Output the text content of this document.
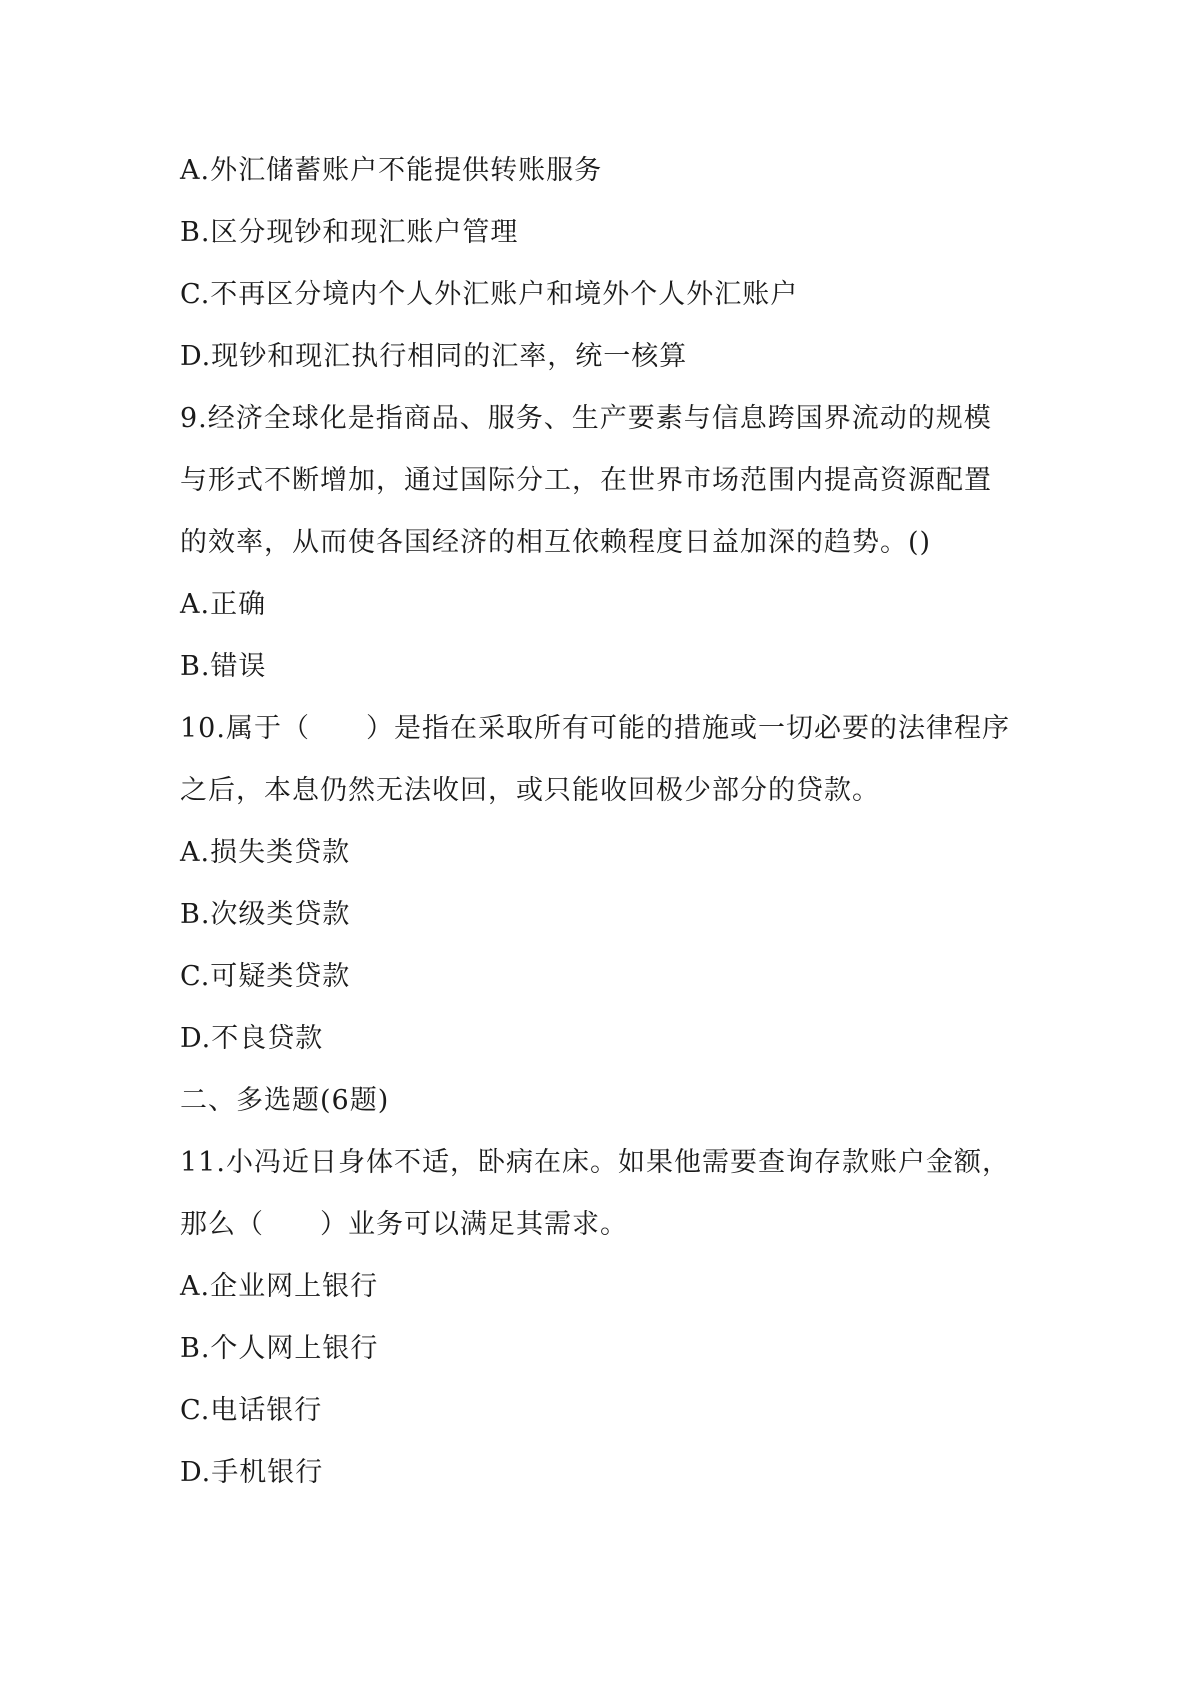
A.外汇储蓄账户不能提供转账服务
B.区分现钞和现汇账户管理
C.不再区分境内个人外汇账户和境外个人外汇账户
D.现钞和现汇执行相同的汇率，统一核算
9.经济全球化是指商品、服务、生产要素与信息跨国界流动的规模
与形式不断增加，通过国际分工，在世界市场范围内提高资源配置
的效率，从而使各国经济的相互依赖程度日益加深的趋势。()
A.正确
B.错误
10.属于（　　）是指在采取所有可能的措施或一切必要的法律程序
之后，本息仍然无法收回，或只能收回极少部分的贷款。
A.损失类贷款
B.次级类贷款
C.可疑类贷款
D.不良贷款
二、多选题(6题)
11.小冯近日身体不适，卧病在床。如果他需要查询存款账户金额，
那么（　　）业务可以满足其需求。
A.企业网上银行
B.个人网上银行
C.电话银行
D.手机银行
